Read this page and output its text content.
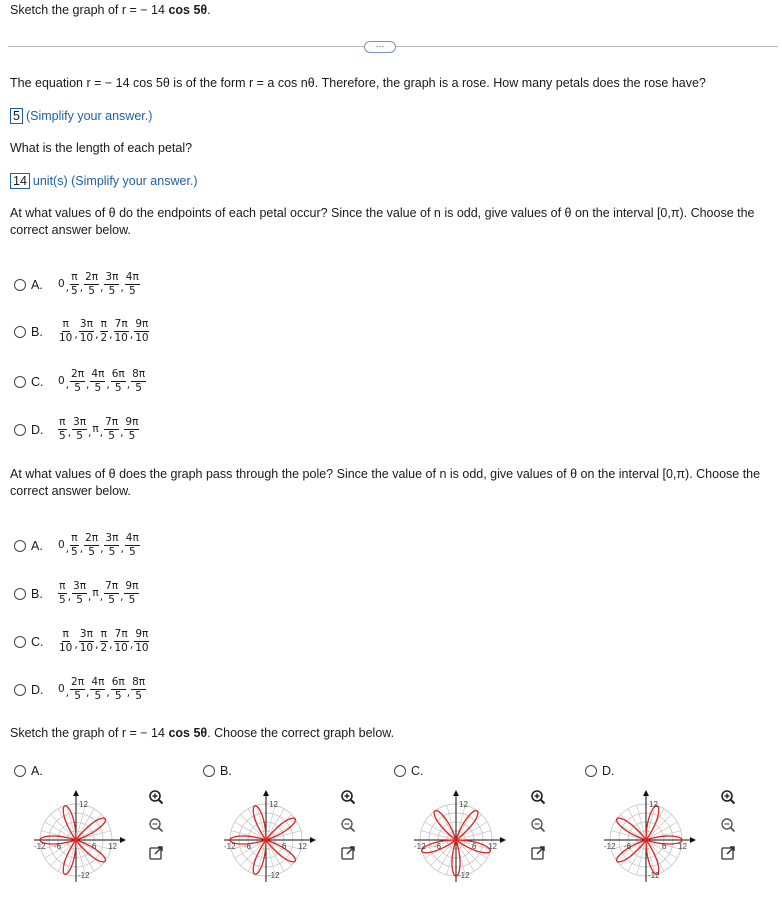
Sketch the graph of r = − 14 cos 5θ.
···
The equation r = − 14 cos 5θ is of the form r = a cos nθ. Therefore, the graph is a rose. How many petals does the rose have?
5 (Simplify your answer.)
What is the length of each petal?
14 unit(s) (Simplify your answer.)
At what values of θ do the endpoints of each petal occur? Since the value of n is odd, give values of θ on the interval [0,π). Choose the correct answer below.
A.	0 , $\frac{\pi}{5}$ , $\frac{2\pi}{5}$ , $\frac{3\pi}{5}$ , $\frac{4\pi}{5}$
B.	$\frac{\pi}{10}$ , $\frac{3\pi}{10}$ , $\frac{\pi}{2}$ , $\frac{7\pi}{10}$ , $\frac{9\pi}{10}$
C.	0 , $\frac{2\pi}{5}$ , $\frac{4\pi}{5}$ , $\frac{6\pi}{5}$ , $\frac{8\pi}{5}$
D.	$\frac{\pi}{5}$ , $\frac{3\pi}{5}$ , π , $\frac{7\pi}{5}$ , $\frac{9\pi}{5}$
At what values of θ does the graph pass through the pole? Since the value of n is odd, give values of θ on the interval [0,π). Choose the correct answer below.
A.	0 , $\frac{\pi}{5}$ , $\frac{2\pi}{5}$ , $\frac{3\pi}{5}$ , $\frac{4\pi}{5}$
B.	$\frac{\pi}{5}$ , $\frac{3\pi}{5}$ , π , $\frac{7\pi}{5}$ , $\frac{9\pi}{5}$
C.	$\frac{\pi}{10}$ , $\frac{3\pi}{10}$ , $\frac{\pi}{2}$ , $\frac{7\pi}{10}$ , $\frac{9\pi}{10}$
D.	0 , $\frac{2\pi}{5}$ , $\frac{4\pi}{5}$ , $\frac{6\pi}{5}$ , $\frac{8\pi}{5}$
Sketch the graph of r = − 14 cos 5θ. Choose the correct graph below.
A.
12
-12
-12 -6	6 12
B.
12
-12
-12 -6	6 12
C.
12
-12
-12 -6	6 12
D.
12
-12
-12 -6	6 12
